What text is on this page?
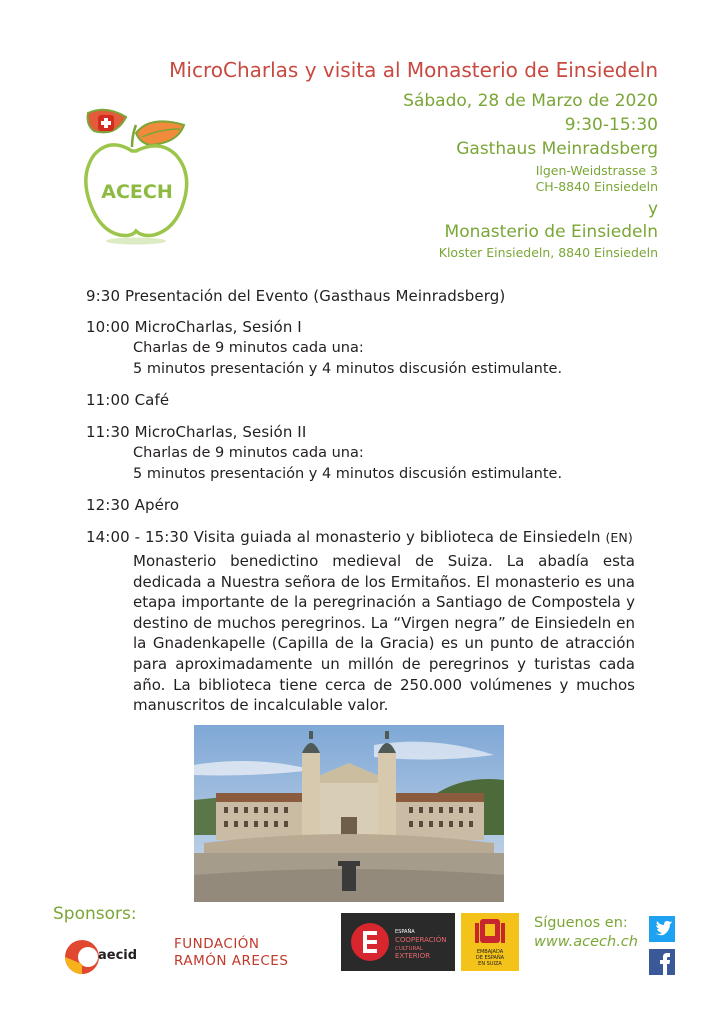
MicroCharlas y visita al Monasterio de Einsiedeln
Sábado, 28 de Marzo de 2020
9:30-15:30
Gasthaus Meinradsberg
Ilgen-Weidstrasse 3
CH-8840 Einsiedeln
y
Monasterio de Einsiedeln
Kloster Einsiedeln, 8840 Einsiedeln
ACECH
9:30 Presentación del Evento (Gasthaus Meinradsberg)
10:00 MicroCharlas, Sesión I
Charlas de 9 minutos cada una:
5 minutos presentación y 4 minutos discusión estimulante.
11:00 Café
11:30 MicroCharlas, Sesión II
Charlas de 9 minutos cada una:
5 minutos presentación y 4 minutos discusión estimulante.
12:30 Apéro
14:00 - 15:30 Visita guiada al monasterio y biblioteca de Einsiedeln (EN)
Monasterio benedictino medieval de Suiza. La abadía esta dedicada a Nuestra señora de los Ermitaños. El monasterio es una etapa importante de la peregrinación a Santiago de Compostela y destino de muchos peregrinos. La “Virgen negra” de Einsiedeln en la Gnadenkapelle (Capilla de la Gracia) es un punto de atracción para aproximadamente un millón de peregrinos y turistas cada año. La biblioteca tiene cerca de 250.000 volúmenes y muchos manuscritos de incalculable valor.
Sponsors:
aecid
FUNDACIÓN
RAMÓN ARECES
ESPAÑA
COOPERACIÓN
CULTURAL
EXTERIOR	EMBAJADA
DE ESPAÑA
EN SUIZA
Síguenos en:
www.acech.ch
